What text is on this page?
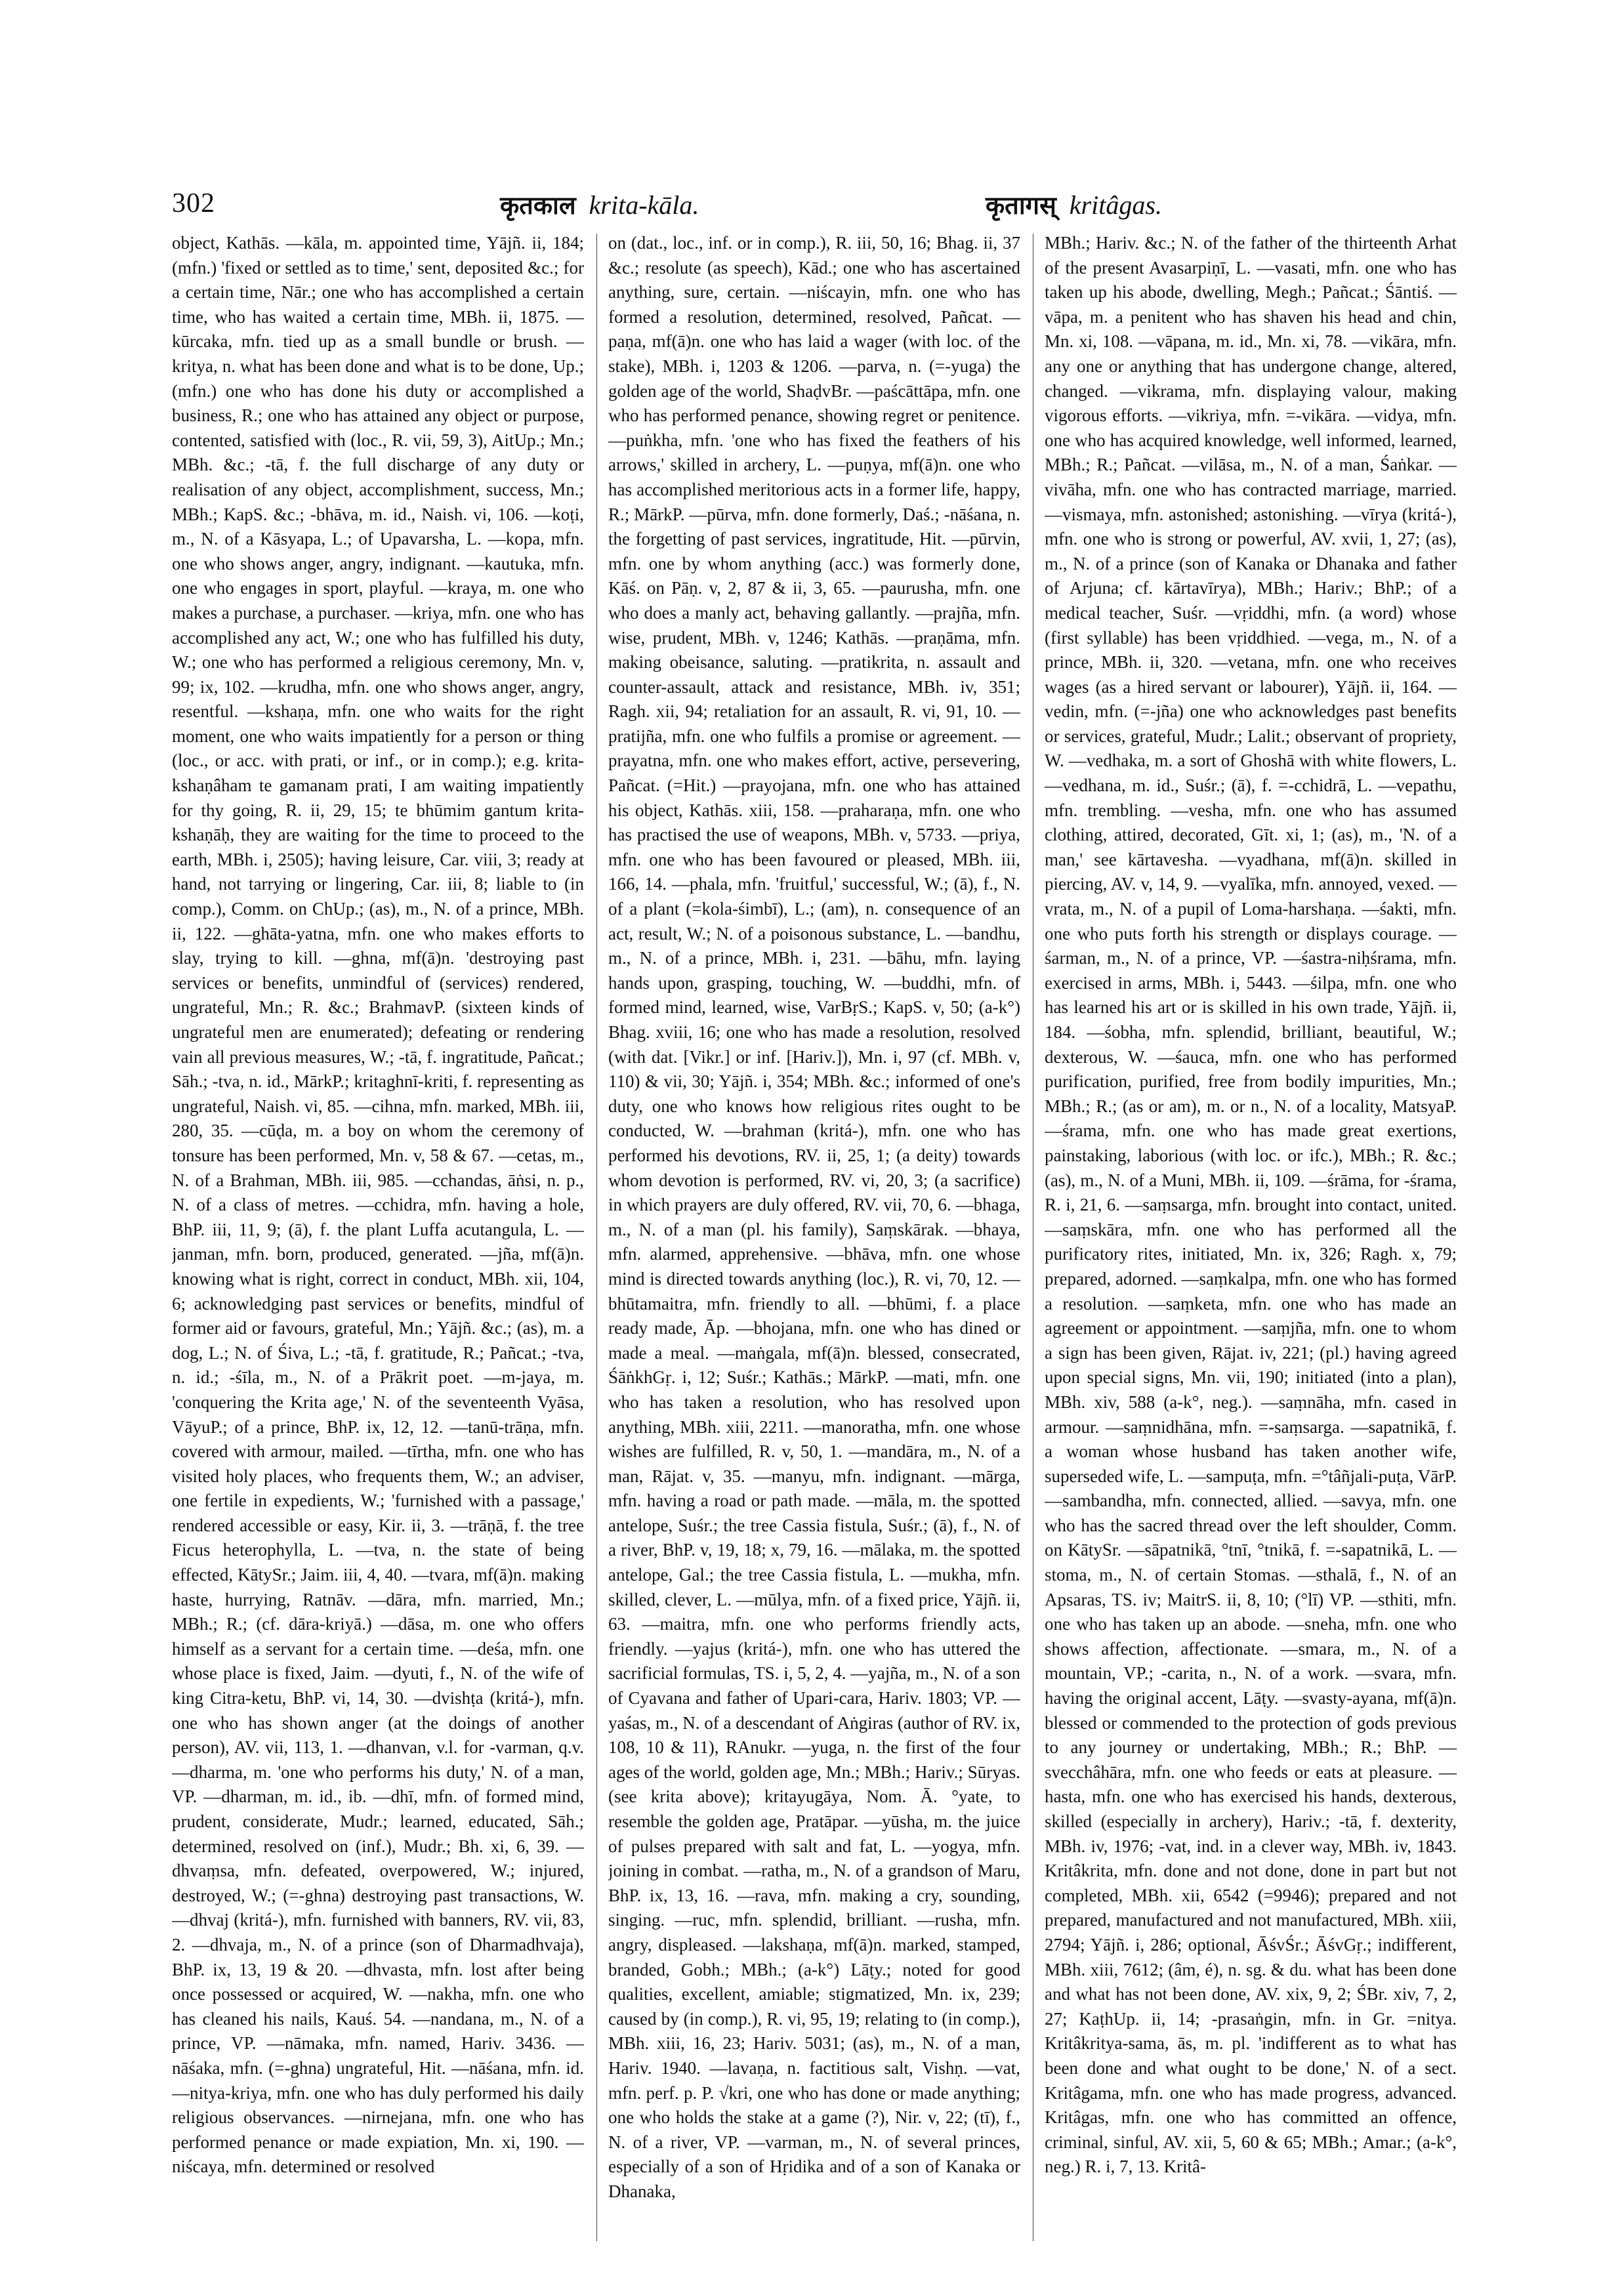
302	कृतकाल krita-kāla.	कृतागस् kritâgas.
object, Kathās. —kāla, m. appointed time, Yājñ. ii, 184; (mfn.) 'fixed or settled as to time,' sent, deposited &c.; for a certain time, Nār.; one who has accomplished a certain time, who has waited a certain time, MBh. ii, 1875. —kūrcaka, mfn. tied up as a small bundle or brush. —kritya, n. what has been done and what is to be done, Up.; (mfn.) one who has done his duty or accomplished a business, R.; one who has attained any object or purpose, contented, satisfied with (loc., R. vii, 59, 3), AitUp.; Mn.; MBh. &c.; -tā, f. the full discharge of any duty or realisation of any object, accomplishment, success, Mn.; MBh.; KapS. &c.; -bhāva, m. id., Naish. vi, 106. —koṭi, m., N. of a Kāsyapa, L.; of Upavarsha, L. —kopa, mfn. one who shows anger, angry, indignant. —kautuka, mfn. one who engages in sport, playful. —kraya, m. one who makes a purchase, a purchaser. —kriya, mfn. one who has accomplished any act, W.; one who has fulfilled his duty, W.; one who has performed a religious ceremony, Mn. v, 99; ix, 102. —krudha, mfn. one who shows anger, angry, resentful. —kshaṇa, mfn. one who waits for the right moment, one who waits impatiently for a person or thing (loc., or acc. with prati, or inf., or in comp.); e.g. krita-kshaṇâham te gamanam prati, I am waiting impatiently for thy going, R. ii, 29, 15; te bhūmim gantum krita-kshaṇāḥ, they are waiting for the time to proceed to the earth, MBh. i, 2505); having leisure, Car. viii, 3; ready at hand, not tarrying or lingering, Car. iii, 8; liable to (in comp.), Comm. on ChUp.; (as), m., N. of a prince, MBh. ii, 122. —ghāta-yatna, mfn. one who makes efforts to slay, trying to kill. —ghna, mf(ā)n. 'destroying past services or benefits, unmindful of (services) rendered, ungrateful, Mn.; R. &c.; BrahmavP. (sixteen kinds of ungrateful men are enumerated); defeating or rendering vain all previous measures, W.; -tā, f. ingratitude, Pañcat.; Sāh.; -tva, n. id., MārkP.; kritaghnī-kriti, f. representing as ungrateful, Naish. vi, 85. —cihna, mfn. marked, MBh. iii, 280, 35. —cūḍa, m. a boy on whom the ceremony of tonsure has been performed, Mn. v, 58 & 67. —cetas, m., N. of a Brahman, MBh. iii, 985. —cchandas, āṅsi, n. p., N. of a class of metres. —cchidra, mfn. having a hole, BhP. iii, 11, 9; (ā), f. the plant Luffa acutangula, L. —janman, mfn. born, produced, generated. —jña, mf(ā)n. knowing what is right, correct in conduct, MBh. xii, 104, 6; acknowledging past services or benefits, mindful of former aid or favours, grateful, Mn.; Yājñ. &c.; (as), m. a dog, L.; N. of Śiva, L.; -tā, f. gratitude, R.; Pañcat.; -tva, n. id.; -śīla, m., N. of a Prākrit poet. —m-jaya, m. 'conquering the Krita age,' N. of the seventeenth Vyāsa, VāyuP.; of a prince, BhP. ix, 12, 12. —tanū-trāṇa, mfn. covered with armour, mailed. —tīrtha, mfn. one who has visited holy places, who frequents them, W.; an adviser, one fertile in expedients, W.; 'furnished with a passage,' rendered accessible or easy, Kir. ii, 3. —trāṇā, f. the tree Ficus heterophylla, L. —tva, n. the state of being effected, KātySr.; Jaim. iii, 4, 40. —tvara, mf(ā)n. making haste, hurrying, Ratnāv. —dāra, mfn. married, Mn.; MBh.; R.; (cf. dāra-kriyā.) —dāsa, m. one who offers himself as a servant for a certain time. —deśa, mfn. one whose place is fixed, Jaim. —dyuti, f., N. of the wife of king Citra-ketu, BhP. vi, 14, 30. —dvishṭa (kritá-), mfn. one who has shown anger (at the doings of another person), AV. vii, 113, 1. —dhanvan, v.l. for -varman, q.v. —dharma, m. 'one who performs his duty,' N. of a man, VP. —dharman, m. id., ib. —dhī, mfn. of formed mind, prudent, considerate, Mudr.; learned, educated, Sāh.; determined, resolved on (inf.), Mudr.; Bh. xi, 6, 39. —dhvaṃsa, mfn. defeated, overpowered, W.; injured, destroyed, W.; (=-ghna) destroying past transactions, W. —dhvaj (kritá-), mfn. furnished with banners, RV. vii, 83, 2. —dhvaja, m., N. of a prince (son of Dharmadhvaja), BhP. ix, 13, 19 & 20. —dhvasta, mfn. lost after being once possessed or acquired, W. —nakha, mfn. one who has cleaned his nails, Kauś. 54. —nandana, m., N. of a prince, VP. —nāmaka, mfn. named, Hariv. 3436. —nāśaka, mfn. (=-ghna) ungrateful, Hit. —nāśana, mfn. id. —nitya-kriya, mfn. one who has duly performed his daily religious observances. —nirnejana, mfn. one who has performed penance or made expiation, Mn. xi, 190. —niścaya, mfn. determined or resolved
on (dat., loc., inf. or in comp.), R. iii, 50, 16; Bhag. ii, 37 &c.; resolute (as speech), Kād.; one who has ascertained anything, sure, certain. —niścayin, mfn. one who has formed a resolution, determined, resolved, Pañcat. —paṇa, mf(ā)n. one who has laid a wager (with loc. of the stake), MBh. i, 1203 & 1206. —parva, n. (=-yuga) the golden age of the world, ShaḍvBr. —paścāttāpa, mfn. one who has performed penance, showing regret or penitence. —puṅkha, mfn. 'one who has fixed the feathers of his arrows,' skilled in archery, L. —puṇya, mf(ā)n. one who has accomplished meritorious acts in a former life, happy, R.; MārkP. —pūrva, mfn. done formerly, Daś.; -nāśana, n. the forgetting of past services, ingratitude, Hit. —pūrvin, mfn. one by whom anything (acc.) was formerly done, Kāś. on Pāṇ. v, 2, 87 & ii, 3, 65. —paurusha, mfn. one who does a manly act, behaving gallantly. —prajña, mfn. wise, prudent, MBh. v, 1246; Kathās. —praṇāma, mfn. making obeisance, saluting. —pratikrita, n. assault and counter-assault, attack and resistance, MBh. iv, 351; Ragh. xii, 94; retaliation for an assault, R. vi, 91, 10. —pratijña, mfn. one who fulfils a promise or agreement. —prayatna, mfn. one who makes effort, active, persevering, Pañcat. (=Hit.) —prayojana, mfn. one who has attained his object, Kathās. xiii, 158. —praharaṇa, mfn. one who has practised the use of weapons, MBh. v, 5733. —priya, mfn. one who has been favoured or pleased, MBh. iii, 166, 14. —phala, mfn. 'fruitful,' successful, W.; (ā), f., N. of a plant (=kola-śimbī), L.; (am), n. consequence of an act, result, W.; N. of a poisonous substance, L. —bandhu, m., N. of a prince, MBh. i, 231. —bāhu, mfn. laying hands upon, grasping, touching, W. —buddhi, mfn. of formed mind, learned, wise, VarBṛS.; KapS. v, 50; (a-k°) Bhag. xviii, 16; one who has made a resolution, resolved (with dat. [Vikr.] or inf. [Hariv.]), Mn. i, 97 (cf. MBh. v, 110) & vii, 30; Yājñ. i, 354; MBh. &c.; informed of one's duty, one who knows how religious rites ought to be conducted, W. —brahman (kritá-), mfn. one who has performed his devotions, RV. ii, 25, 1; (a deity) towards whom devotion is performed, RV. vi, 20, 3; (a sacrifice) in which prayers are duly offered, RV. vii, 70, 6. —bhaga, m., N. of a man (pl. his family), Saṃskārak. —bhaya, mfn. alarmed, apprehensive. —bhāva, mfn. one whose mind is directed towards anything (loc.), R. vi, 70, 12. —bhūtamaitra, mfn. friendly to all. —bhūmi, f. a place ready made, Āp. —bhojana, mfn. one who has dined or made a meal. —maṅgala, mf(ā)n. blessed, consecrated, ŚāṅkhGṛ. i, 12; Suśr.; Kathās.; MārkP. —mati, mfn. one who has taken a resolution, who has resolved upon anything, MBh. xiii, 2211. —manoratha, mfn. one whose wishes are fulfilled, R. v, 50, 1. —mandāra, m., N. of a man, Rājat. v, 35. —manyu, mfn. indignant. —mārga, mfn. having a road or path made. —māla, m. the spotted antelope, Suśr.; the tree Cassia fistula, Suśr.; (ā), f., N. of a river, BhP. v, 19, 18; x, 79, 16. —mālaka, m. the spotted antelope, Gal.; the tree Cassia fistula, L. —mukha, mfn. skilled, clever, L. —mūlya, mfn. of a fixed price, Yājñ. ii, 63. —maitra, mfn. one who performs friendly acts, friendly. —yajus (kritá-), mfn. one who has uttered the sacrificial formulas, TS. i, 5, 2, 4. —yajña, m., N. of a son of Cyavana and father of Upari-cara, Hariv. 1803; VP. —yaśas, m., N. of a descendant of Aṅgiras (author of RV. ix, 108, 10 & 11), RAnukr. —yuga, n. the first of the four ages of the world, golden age, Mn.; MBh.; Hariv.; Sūryas. (see krita above); kritayugāya, Nom. Ā. °yate, to resemble the golden age, Pratāpar. —yūsha, m. the juice of pulses prepared with salt and fat, L. —yogya, mfn. joining in combat. —ratha, m., N. of a grandson of Maru, BhP. ix, 13, 16. —rava, mfn. making a cry, sounding, singing. —ruc, mfn. splendid, brilliant. —rusha, mfn. angry, displeased. —lakshaṇa, mf(ā)n. marked, stamped, branded, Gobh.; MBh.; (a-k°) Lāṭy.; noted for good qualities, excellent, amiable; stigmatized, Mn. ix, 239; caused by (in comp.), R. vi, 95, 19; relating to (in comp.), MBh. xiii, 16, 23; Hariv. 5031; (as), m., N. of a man, Hariv. 1940. —lavaṇa, n. factitious salt, Vishṇ. —vat, mfn. perf. p. P. √kri, one who has done or made anything; one who holds the stake at a game (?), Nir. v, 22; (tī), f., N. of a river, VP. —varman, m., N. of several princes, especially of a son of Hṛidika and of a son of Kanaka or Dhanaka,
MBh.; Hariv. &c.; N. of the father of the thirteenth Arhat of the present Avasarpiṇī, L. —vasati, mfn. one who has taken up his abode, dwelling, Megh.; Pañcat.; Śāntiś. —vāpa, m. a penitent who has shaven his head and chin, Mn. xi, 108. —vāpana, m. id., Mn. xi, 78. —vikāra, mfn. any one or anything that has undergone change, altered, changed. —vikrama, mfn. displaying valour, making vigorous efforts. —vikriya, mfn. =-vikāra. —vidya, mfn. one who has acquired knowledge, well informed, learned, MBh.; R.; Pañcat. —vilāsa, m., N. of a man, Śaṅkar. —vivāha, mfn. one who has contracted marriage, married. —vismaya, mfn. astonished; astonishing. —vīrya (kritá-), mfn. one who is strong or powerful, AV. xvii, 1, 27; (as), m., N. of a prince (son of Kanaka or Dhanaka and father of Arjuna; cf. kārtavīrya), MBh.; Hariv.; BhP.; of a medical teacher, Suśr. —vṛiddhi, mfn. (a word) whose (first syllable) has been vṛiddhied. —vega, m., N. of a prince, MBh. ii, 320. —vetana, mfn. one who receives wages (as a hired servant or labourer), Yājñ. ii, 164. —vedin, mfn. (=-jña) one who acknowledges past benefits or services, grateful, Mudr.; Lalit.; observant of propriety, W. —vedhaka, m. a sort of Ghoshā with white flowers, L. —vedhana, m. id., Suśr.; (ā), f. =-cchidrā, L. —vepathu, mfn. trembling. —vesha, mfn. one who has assumed clothing, attired, decorated, Gīt. xi, 1; (as), m., 'N. of a man,' see kārtavesha. —vyadhana, mf(ā)n. skilled in piercing, AV. v, 14, 9. —vyalīka, mfn. annoyed, vexed. —vrata, m., N. of a pupil of Loma-harshaṇa. —śakti, mfn. one who puts forth his strength or displays courage. —śarman, m., N. of a prince, VP. —śastra-niḥśrama, mfn. exercised in arms, MBh. i, 5443. —śilpa, mfn. one who has learned his art or is skilled in his own trade, Yājñ. ii, 184. —śobha, mfn. splendid, brilliant, beautiful, W.; dexterous, W. —śauca, mfn. one who has performed purification, purified, free from bodily impurities, Mn.; MBh.; R.; (as or am), m. or n., N. of a locality, MatsyaP. —śrama, mfn. one who has made great exertions, painstaking, laborious (with loc. or ifc.), MBh.; R. &c.; (as), m., N. of a Muni, MBh. ii, 109. —śrāma, for -śrama, R. i, 21, 6. —saṃsarga, mfn. brought into contact, united. —saṃskāra, mfn. one who has performed all the purificatory rites, initiated, Mn. ix, 326; Ragh. x, 79; prepared, adorned. —saṃkalpa, mfn. one who has formed a resolution. —saṃketa, mfn. one who has made an agreement or appointment. —saṃjña, mfn. one to whom a sign has been given, Rājat. iv, 221; (pl.) having agreed upon special signs, Mn. vii, 190; initiated (into a plan), MBh. xiv, 588 (a-k°, neg.). —saṃnāha, mfn. cased in armour. —saṃnidhāna, mfn. =-saṃsarga. —sapatnikā, f. a woman whose husband has taken another wife, superseded wife, L. —sampuṭa, mfn. =°tâñjali-puṭa, VārP. —sambandha, mfn. connected, allied. —savya, mfn. one who has the sacred thread over the left shoulder, Comm. on KātySr. —sāpatnikā, °tnī, °tnikā, f. =-sapatnikā, L. —stoma, m., N. of certain Stomas. —sthalā, f., N. of an Apsaras, TS. iv; MaitrS. ii, 8, 10; (°lī) VP. —sthiti, mfn. one who has taken up an abode. —sneha, mfn. one who shows affection, affectionate. —smara, m., N. of a mountain, VP.; -carita, n., N. of a work. —svara, mfn. having the original accent, Lāṭy. —svasty-ayana, mf(ā)n. blessed or commended to the protection of gods previous to any journey or undertaking, MBh.; R.; BhP. —svecchâhāra, mfn. one who feeds or eats at pleasure. —hasta, mfn. one who has exercised his hands, dexterous, skilled (especially in archery), Hariv.; -tā, f. dexterity, MBh. iv, 1976; -vat, ind. in a clever way, MBh. iv, 1843. Kritâkrita, mfn. done and not done, done in part but not completed, MBh. xii, 6542 (=9946); prepared and not prepared, manufactured and not manufactured, MBh. xiii, 2794; Yājñ. i, 286; optional, ĀśvŚr.; ĀśvGṛ.; indifferent, MBh. xiii, 7612; (âm, é), n. sg. & du. what has been done and what has not been done, AV. xix, 9, 2; ŚBr. xiv, 7, 2, 27; KaṭhUp. ii, 14; -prasaṅgin, mfn. in Gr. =nitya. Kritâkritya-sama, ās, m. pl. 'indifferent as to what has been done and what ought to be done,' N. of a sect. Kritâgama, mfn. one who has made progress, advanced. Kritâgas, mfn. one who has committed an offence, criminal, sinful, AV. xii, 5, 60 & 65; MBh.; Amar.; (a-k°, neg.) R. i, 7, 13. Kritâ-
